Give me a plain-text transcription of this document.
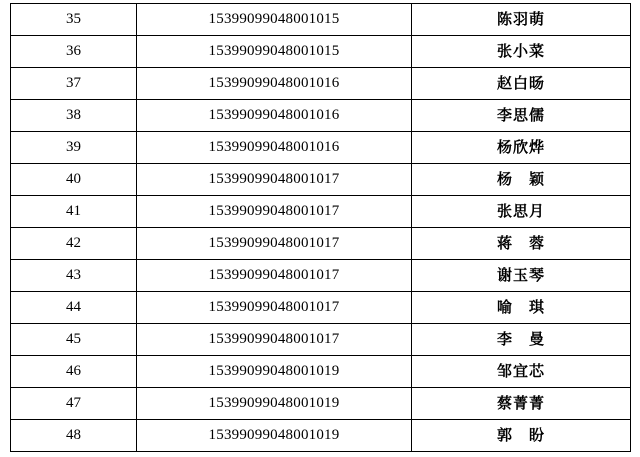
35	15399099048001015	陈羽萌
36	15399099048001015	张小菜
37	15399099048001016	赵白旸
38	15399099048001016	李思儒
39	15399099048001016	杨欣烨
40	15399099048001017	杨　颖
41	15399099048001017	张思月
42	15399099048001017	蒋　蓉
43	15399099048001017	谢玉琴
44	15399099048001017	喻　琪
45	15399099048001017	李　曼
46	15399099048001019	邹宜芯
47	15399099048001019	蔡菁菁
48	15399099048001019	郭　盼
